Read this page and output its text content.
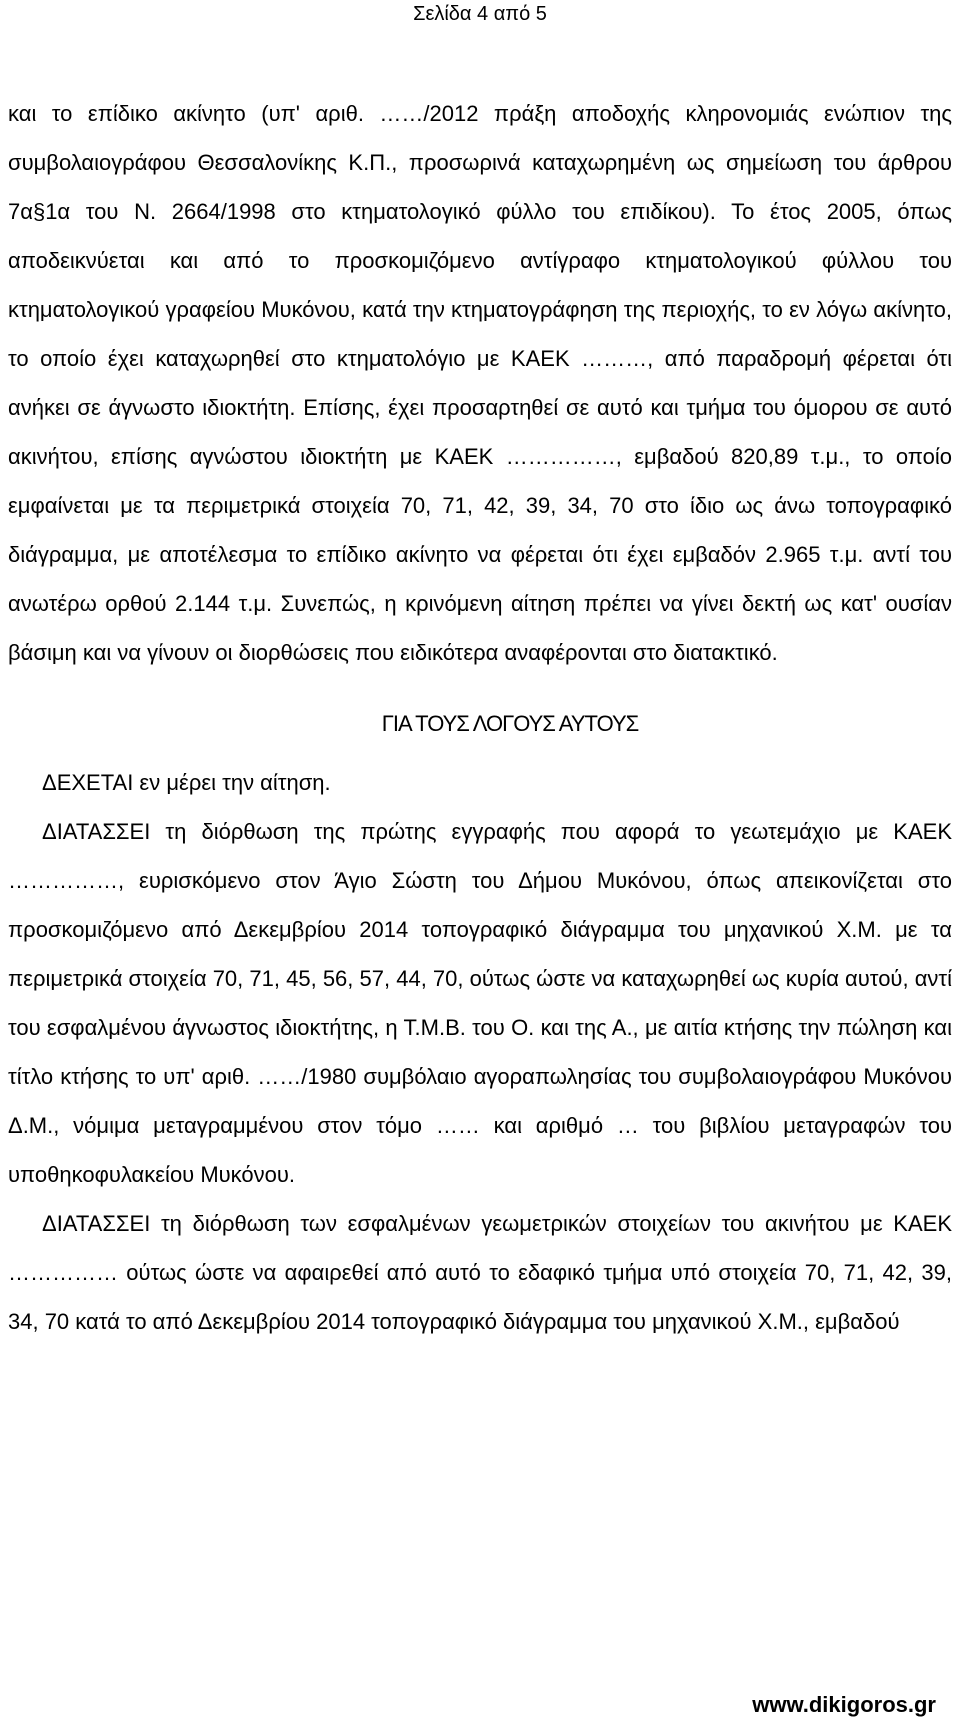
Σελίδα 4 από 5

και το επίδικο ακίνητο (υπ' αριθ. ……/2012 πράξη αποδοχής κληρονομιάς ενώπιον της συμβολαιογράφου Θεσσαλονίκης Κ.Π., προσωρινά καταχωρημένη ως σημείωση του άρθρου 7α§1α του Ν. 2664/1998 στο κτηματολογικό φύλλο του επιδίκου). Το έτος 2005, όπως αποδεικνύεται και από το προσκομιζόμενο αντίγραφο κτηματολογικού φύλλου του κτηματολογικού γραφείου Μυκόνου, κατά την κτηματογράφηση της περιοχής, το εν λόγω ακίνητο, το οποίο έχει καταχωρηθεί στο κτηματολόγιο με ΚΑΕΚ ………, από παραδρομή φέρεται ότι ανήκει σε άγνωστο ιδιοκτήτη. Επίσης, έχει προσαρτηθεί σε αυτό και τμήμα του όμορου σε αυτό ακινήτου, επίσης αγνώστου ιδιοκτήτη με ΚΑΕΚ ……………, εμβαδού 820,89 τ.μ., το οποίο εμφαίνεται με τα περιμετρικά στοιχεία 70, 71, 42, 39, 34, 70 στο ίδιο ως άνω τοπογραφικό διάγραμμα, με αποτέλεσμα το επίδικο ακίνητο να φέρεται ότι έχει εμβαδόν 2.965 τ.μ. αντί του ανωτέρω ορθού 2.144 τ.μ. Συνεπώς, η κρινόμενη αίτηση πρέπει να γίνει δεκτή ως κατ' ουσίαν βάσιμη και να γίνουν οι διορθώσεις που ειδικότερα αναφέρονται στο διατακτικό.

ΓΙΑ ΤΟΥΣ ΛΟΓΟΥΣ ΑΥΤΟΥΣ

ΔΕΧΕΤΑΙ εν μέρει την αίτηση.

ΔΙΑΤΑΣΣΕΙ τη διόρθωση της πρώτης εγγραφής που αφορά το γεωτεμάχιο με ΚΑΕΚ ……………, ευρισκόμενο στον Άγιο Σώστη του Δήμου Μυκόνου, όπως απεικονίζεται στο προσκομιζόμενο από Δεκεμβρίου 2014 τοπογραφικό διάγραμμα του μηχανικού Χ.Μ. με τα περιμετρικά στοιχεία 70, 71, 45, 56, 57, 44, 70, ούτως ώστε να καταχωρηθεί ως κυρία αυτού, αντί του εσφαλμένου άγνωστος ιδιοκτήτης, η Τ.Μ.Β. του Ο. και της Α., με αιτία κτήσης την πώληση και τίτλο κτήσης το υπ' αριθ. ……/1980 συμβόλαιο αγοραπωλησίας του συμβολαιογράφου Μυκόνου Δ.Μ., νόμιμα μεταγραμμένου στον τόμο …… και αριθμό … του βιβλίου μεταγραφών του υποθηκοφυλακείου Μυκόνου.

ΔΙΑΤΑΣΣΕΙ τη διόρθωση των εσφαλμένων γεωμετρικών στοιχείων του ακινήτου με ΚΑΕΚ …………… ούτως ώστε να αφαιρεθεί από αυτό το εδαφικό τμήμα υπό στοιχεία 70, 71, 42, 39, 34, 70 κατά το από Δεκεμβρίου 2014 τοπογραφικό διάγραμμα του μηχανικού Χ.Μ., εμβαδού

www.dikigoros.gr
